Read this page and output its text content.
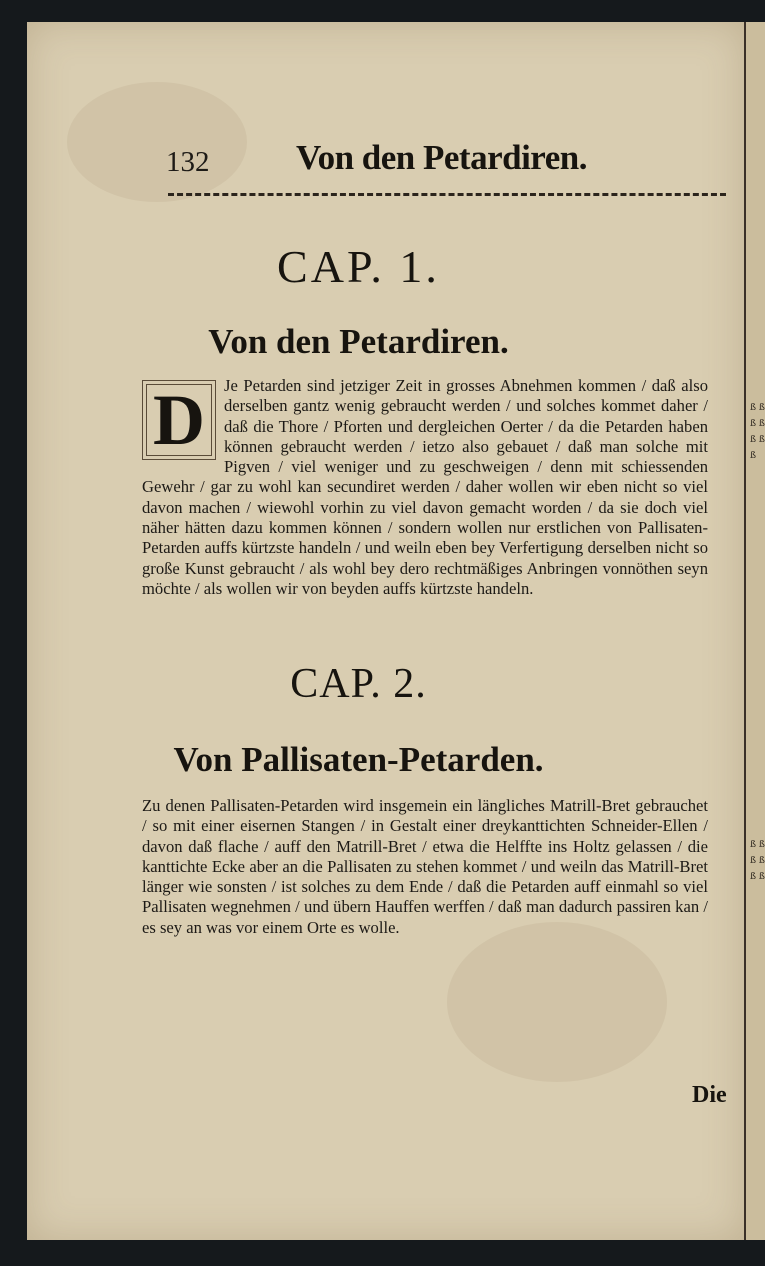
ß ß ß ß ß ß ß
ß ß ß ß ß ß
132 Von den Petardiren.
CAP. 1.
Von den Petardiren.
D	Je Petarden sind jetziger Zeit in grosses Abnehmen kommen / daß also derselben gantz wenig gebraucht werden / und solches kommet daher / daß die Thore / Pforten und dergleichen Oerter / da die Petarden haben können gebraucht werden / ietzo also gebauet / daß man solche mit Pigven / viel weniger und zu geschweigen / denn mit schiessenden Gewehr / gar zu wohl kan secundiret werden / daher wollen wir eben nicht so viel davon machen / wiewohl vorhin zu viel davon gemacht worden / da sie doch viel näher hätten dazu kommen können / sondern wollen nur erstlichen von Pallisaten-Petarden auffs kürtzste handeln / und weiln eben bey Verfertigung derselben nicht so große Kunst gebraucht / als wohl bey dero rechtmäßiges Anbringen vonnöthen seyn möchte / als wollen wir von beyden auffs kürtzste handeln.
CAP. 2.
Von Pallisaten-Petarden.
Zu denen Pallisaten-Petarden wird insgemein ein längliches Matrill-Bret gebrauchet / so mit einer eisernen Stangen / in Gestalt einer dreykanttichten Schneider-Ellen / davon daß flache / auff den Matrill-Bret / etwa die Helffte ins Holtz gelassen / die kanttichte Ecke aber an die Pallisaten zu stehen kommet / und weiln das Matrill-Bret länger wie sonsten / ist solches zu dem Ende / daß die Petarden auff einmahl so viel Pallisaten wegnehmen / und übern Hauffen werffen / daß man dadurch passiren kan / es sey an was vor einem Orte es wolle.
Die
